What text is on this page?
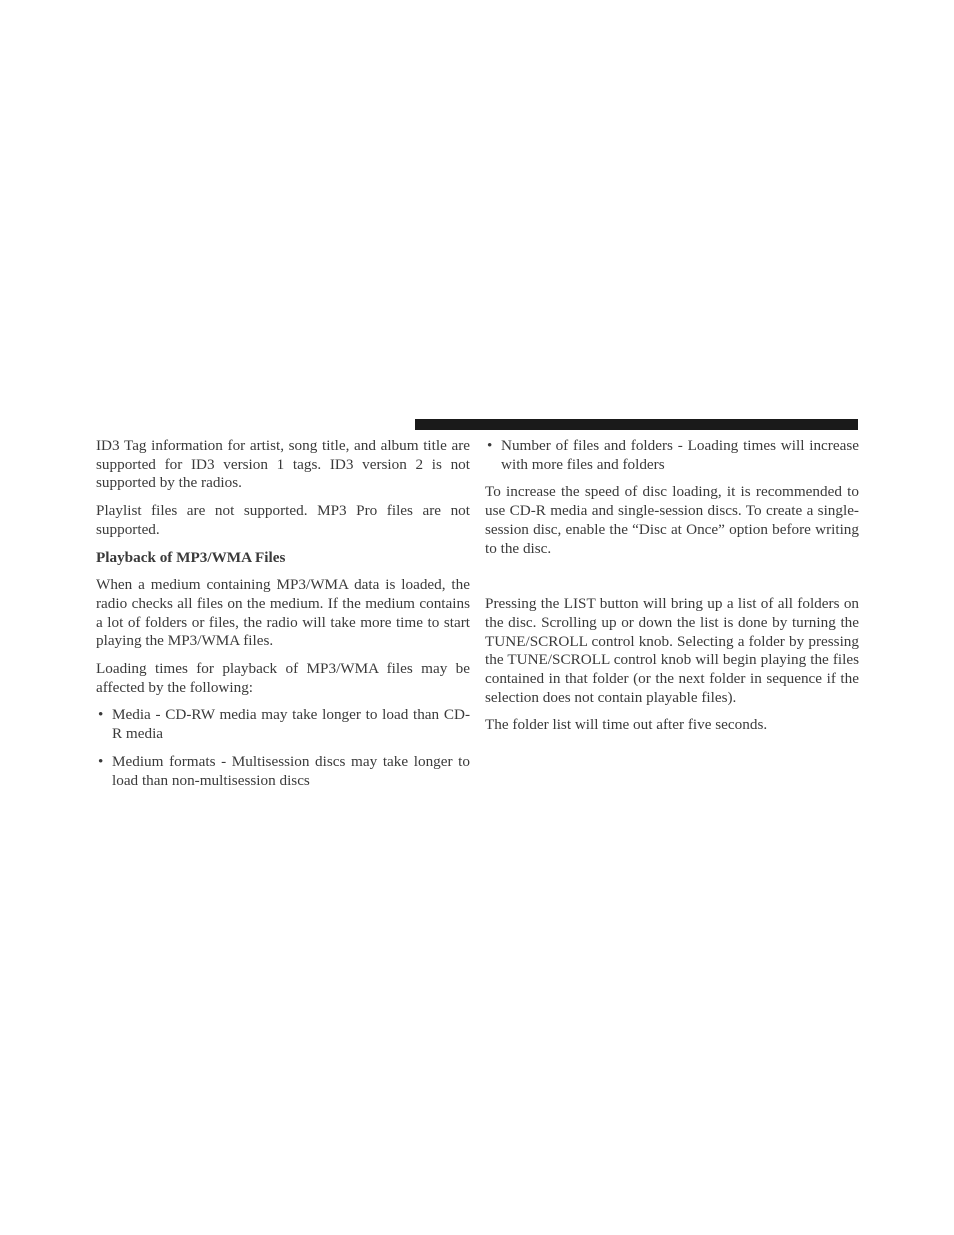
ID3 Tag information for artist, song title, and album title are supported for ID3 version 1 tags. ID3 version 2 is not supported by the radios.

Playlist files are not supported. MP3 Pro files are not supported.

Playback of MP3/WMA Files

When a medium containing MP3/WMA data is loaded, the radio checks all files on the medium. If the medium contains a lot of folders or files, the radio will take more time to start playing the MP3/WMA files.

Loading times for playback of MP3/WMA files may be affected by the following:

• Media - CD-RW media may take longer to load than CD-R media
• Medium formats - Multisession discs may take longer to load than non-multisession discs
• Number of files and folders - Loading times will increase with more files and folders

To increase the speed of disc loading, it is recommended to use CD-R media and single-session discs. To create a single-session disc, enable the “Disc at Once” option before writing to the disc.

Pressing the LIST button will bring up a list of all folders on the disc. Scrolling up or down the list is done by turning the TUNE/SCROLL control knob. Selecting a folder by pressing the TUNE/SCROLL control knob will begin playing the files contained in that folder (or the next folder in sequence if the selection does not contain playable files).

The folder list will time out after five seconds.
